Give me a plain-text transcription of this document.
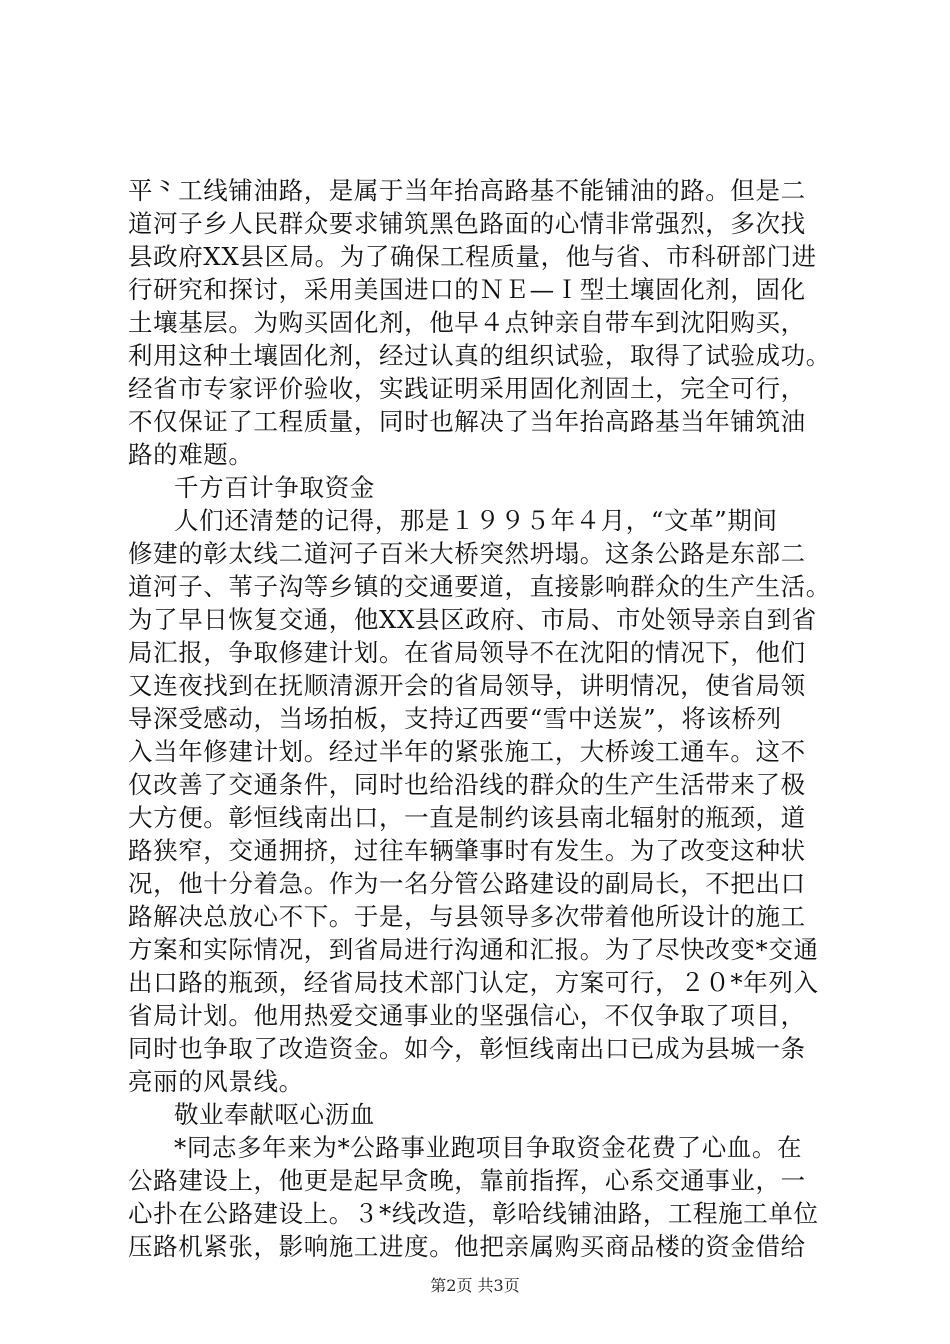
平⺀工线铺油路，是属于当年抬高路基不能铺油的路。但是二
道河子乡人民群众要求铺筑黑色路面的心情非常强烈，多次找
县政府XX县区局。为了确保工程质量，他与省、市科研部门进
行研究和探讨，采用美国进口的ＮＥ—Ｉ型土壤固化剂，固化
土壤基层。为购买固化剂，他早４点钟亲自带车到沈阳购买，
利用这种土壤固化剂，经过认真的组织试验，取得了试验成功。
经省市专家评价验收，实践证明采用固化剂固土，完全可行，
不仅保证了工程质量，同时也解决了当年抬高路基当年铺筑油
路的难题。
千方百计争取资金
人们还清楚的记得，那是１９９５年４月，“文革”期间
修建的彰太线二道河子百米大桥突然坍塌。这条公路是东部二
道河子、苇子沟等乡镇的交通要道，直接影响群众的生产生活。
为了早日恢复交通，他XX县区政府、市局、市处领导亲自到省
局汇报，争取修建计划。在省局领导不在沈阳的情况下，他们
又连夜找到在抚顺清源开会的省局领导，讲明情况，使省局领
导深受感动，当场拍板，支持辽西要“雪中送炭”，将该桥列
入当年修建计划。经过半年的紧张施工，大桥竣工通车。这不
仅改善了交通条件，同时也给沿线的群众的生产生活带来了极
大方便。彰恒线南出口，一直是制约该县南北辐射的瓶颈，道
路狭窄，交通拥挤，过往车辆肇事时有发生。为了改变这种状
况，他十分着急。作为一名分管公路建设的副局长，不把出口
路解决总放心不下。于是，与县领导多次带着他所设计的施工
方案和实际情况，到省局进行沟通和汇报。为了尽快改变*交通
出口路的瓶颈，经省局技术部门认定，方案可行，２０*年列入
省局计划。他用热爱交通事业的坚强信心，不仅争取了项目，
同时也争取了改造资金。如今，彰恒线南出口已成为县城一条
亮丽的风景线。
敬业奉献呕心沥血
*同志多年来为*公路事业跑项目争取资金花费了心血。在
公路建设上，他更是起早贪晚，靠前指挥，心系交通事业，一
心扑在公路建设上。３*线改造，彰哈线铺油路，工程施工单位
压路机紧张，影响施工进度。他把亲属购买商品楼的资金借给
第2页 共3页
